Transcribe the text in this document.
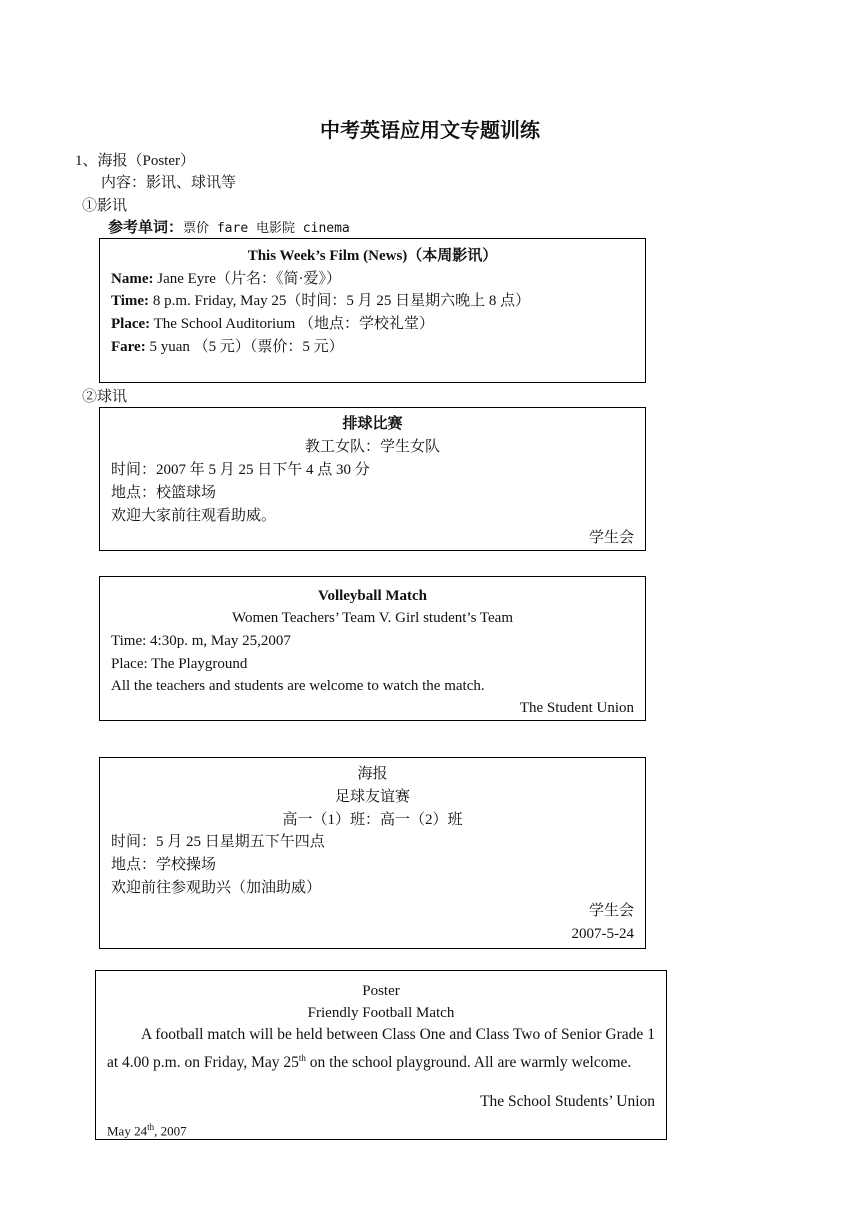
中考英语应用文专题训练
1、海报（Poster）
内容：影讯、球讯等
①影讯
参考单词：票价 fare 电影院 cinema
This Week’s Film (News)（本周影讯）
Name: Jane Eyre（片名：《简·爱》）
Time: 8 p.m. Friday, May 25（时间：5 月 25 日星期六晚上 8 点）
Place: The School Auditorium （地点：学校礼堂）
Fare: 5 yuan （5 元）（票价：5 元）
②球讯
排球比赛
教工女队：学生女队
时间：2007 年 5 月 25 日下午 4 点 30 分
地点：校篮球场
欢迎大家前往观看助威。
学生会
Volleyball Match
Women Teachers’ Team V. Girl student’s Team
Time: 4:30p. m, May 25,2007
Place: The Playground
All the teachers and students are welcome to watch the match.
The Student Union
海报
足球友谊赛
高一（1）班：高一（2）班
时间：5 月 25 日星期五下午四点
地点：学校操场
欢迎前往参观助兴（加油助威）
学生会
2007-5-24
Poster
Friendly Football Match
A football match will be held between Class One and Class Two of Senior Grade 1 at 4.00 p.m. on Friday, May 25th on the school playground. All are warmly welcome.
The School Students’ Union
May 24th, 2007
